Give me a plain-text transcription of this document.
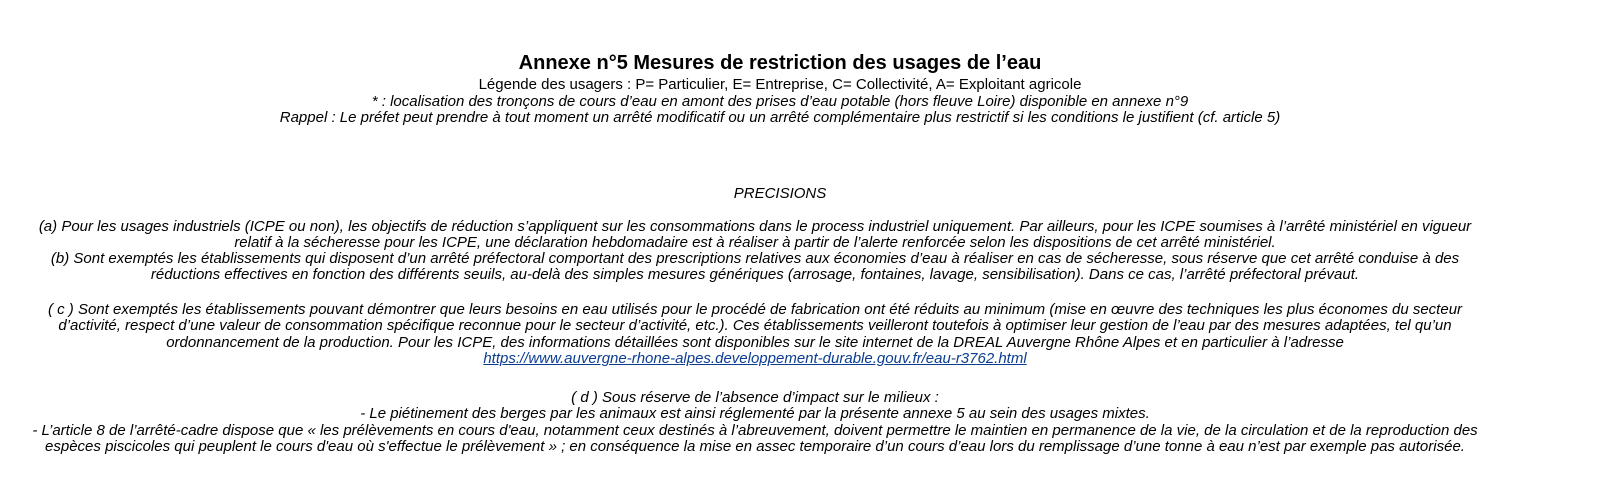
Annexe n°5 Mesures de restriction des usages de l’eau
Légende des usagers : P= Particulier, E= Entreprise, C= Collectivité, A= Exploitant agricole
* : localisation des tronçons de cours d’eau en amont des prises d’eau potable (hors fleuve Loire) disponible en annexe n°9
Rappel : Le préfet peut prendre à tout moment un arrêté modificatif ou un arrêté complémentaire plus restrictif si les conditions le justifient (cf. article 5)
PRECISIONS
(a) Pour les usages industriels (ICPE ou non), les objectifs de réduction s’appliquent sur les consommations dans le process industriel uniquement. Par ailleurs, pour les ICPE soumises à l’arrêté ministériel en vigueur relatif à la sécheresse pour les ICPE, une déclaration hebdomadaire est à réaliser à partir de l’alerte renforcée selon les dispositions de cet arrêté ministériel.
(b) Sont exemptés les établissements qui disposent d’un arrêté préfectoral comportant des prescriptions relatives aux économies d’eau à réaliser en cas de sécheresse, sous réserve que cet arrêté conduise à des réductions effectives en fonction des différents seuils, au-delà des simples mesures génériques (arrosage, fontaines, lavage, sensibilisation). Dans ce cas, l’arrêté préfectoral prévaut.
( c ) Sont exemptés les établissements pouvant démontrer que leurs besoins en eau utilisés pour le procédé de fabrication ont été réduits au minimum (mise en œuvre des techniques les plus économes du secteur d’activité, respect d’une valeur de consommation spécifique reconnue pour le secteur d’activité, etc.). Ces établissements veilleront toutefois à optimiser leur gestion de l’eau par des mesures adaptées, tel qu’un ordonnancement de la production. Pour les ICPE, des informations détaillées sont disponibles sur le site internet de la DREAL Auvergne Rhône Alpes et en particulier à l’adresse
https://www.auvergne-rhone-alpes.developpement-durable.gouv.fr/eau-r3762.html
( d ) Sous réserve de l’absence d’impact sur le milieux :
- Le piétinement des berges par les animaux est ainsi réglementé par la présente annexe 5 au sein des usages mixtes.
- L’article 8 de l’arrêté-cadre dispose que « les prélèvements en cours d'eau, notamment ceux destinés à l’abreuvement, doivent permettre le maintien en permanence de la vie, de la circulation et de la reproduction des espèces piscicoles qui peuplent le cours d'eau où s'effectue le prélèvement » ; en conséquence la mise en assec temporaire d’un cours d’eau lors du remplissage d’une tonne à eau n’est par exemple pas autorisée.
